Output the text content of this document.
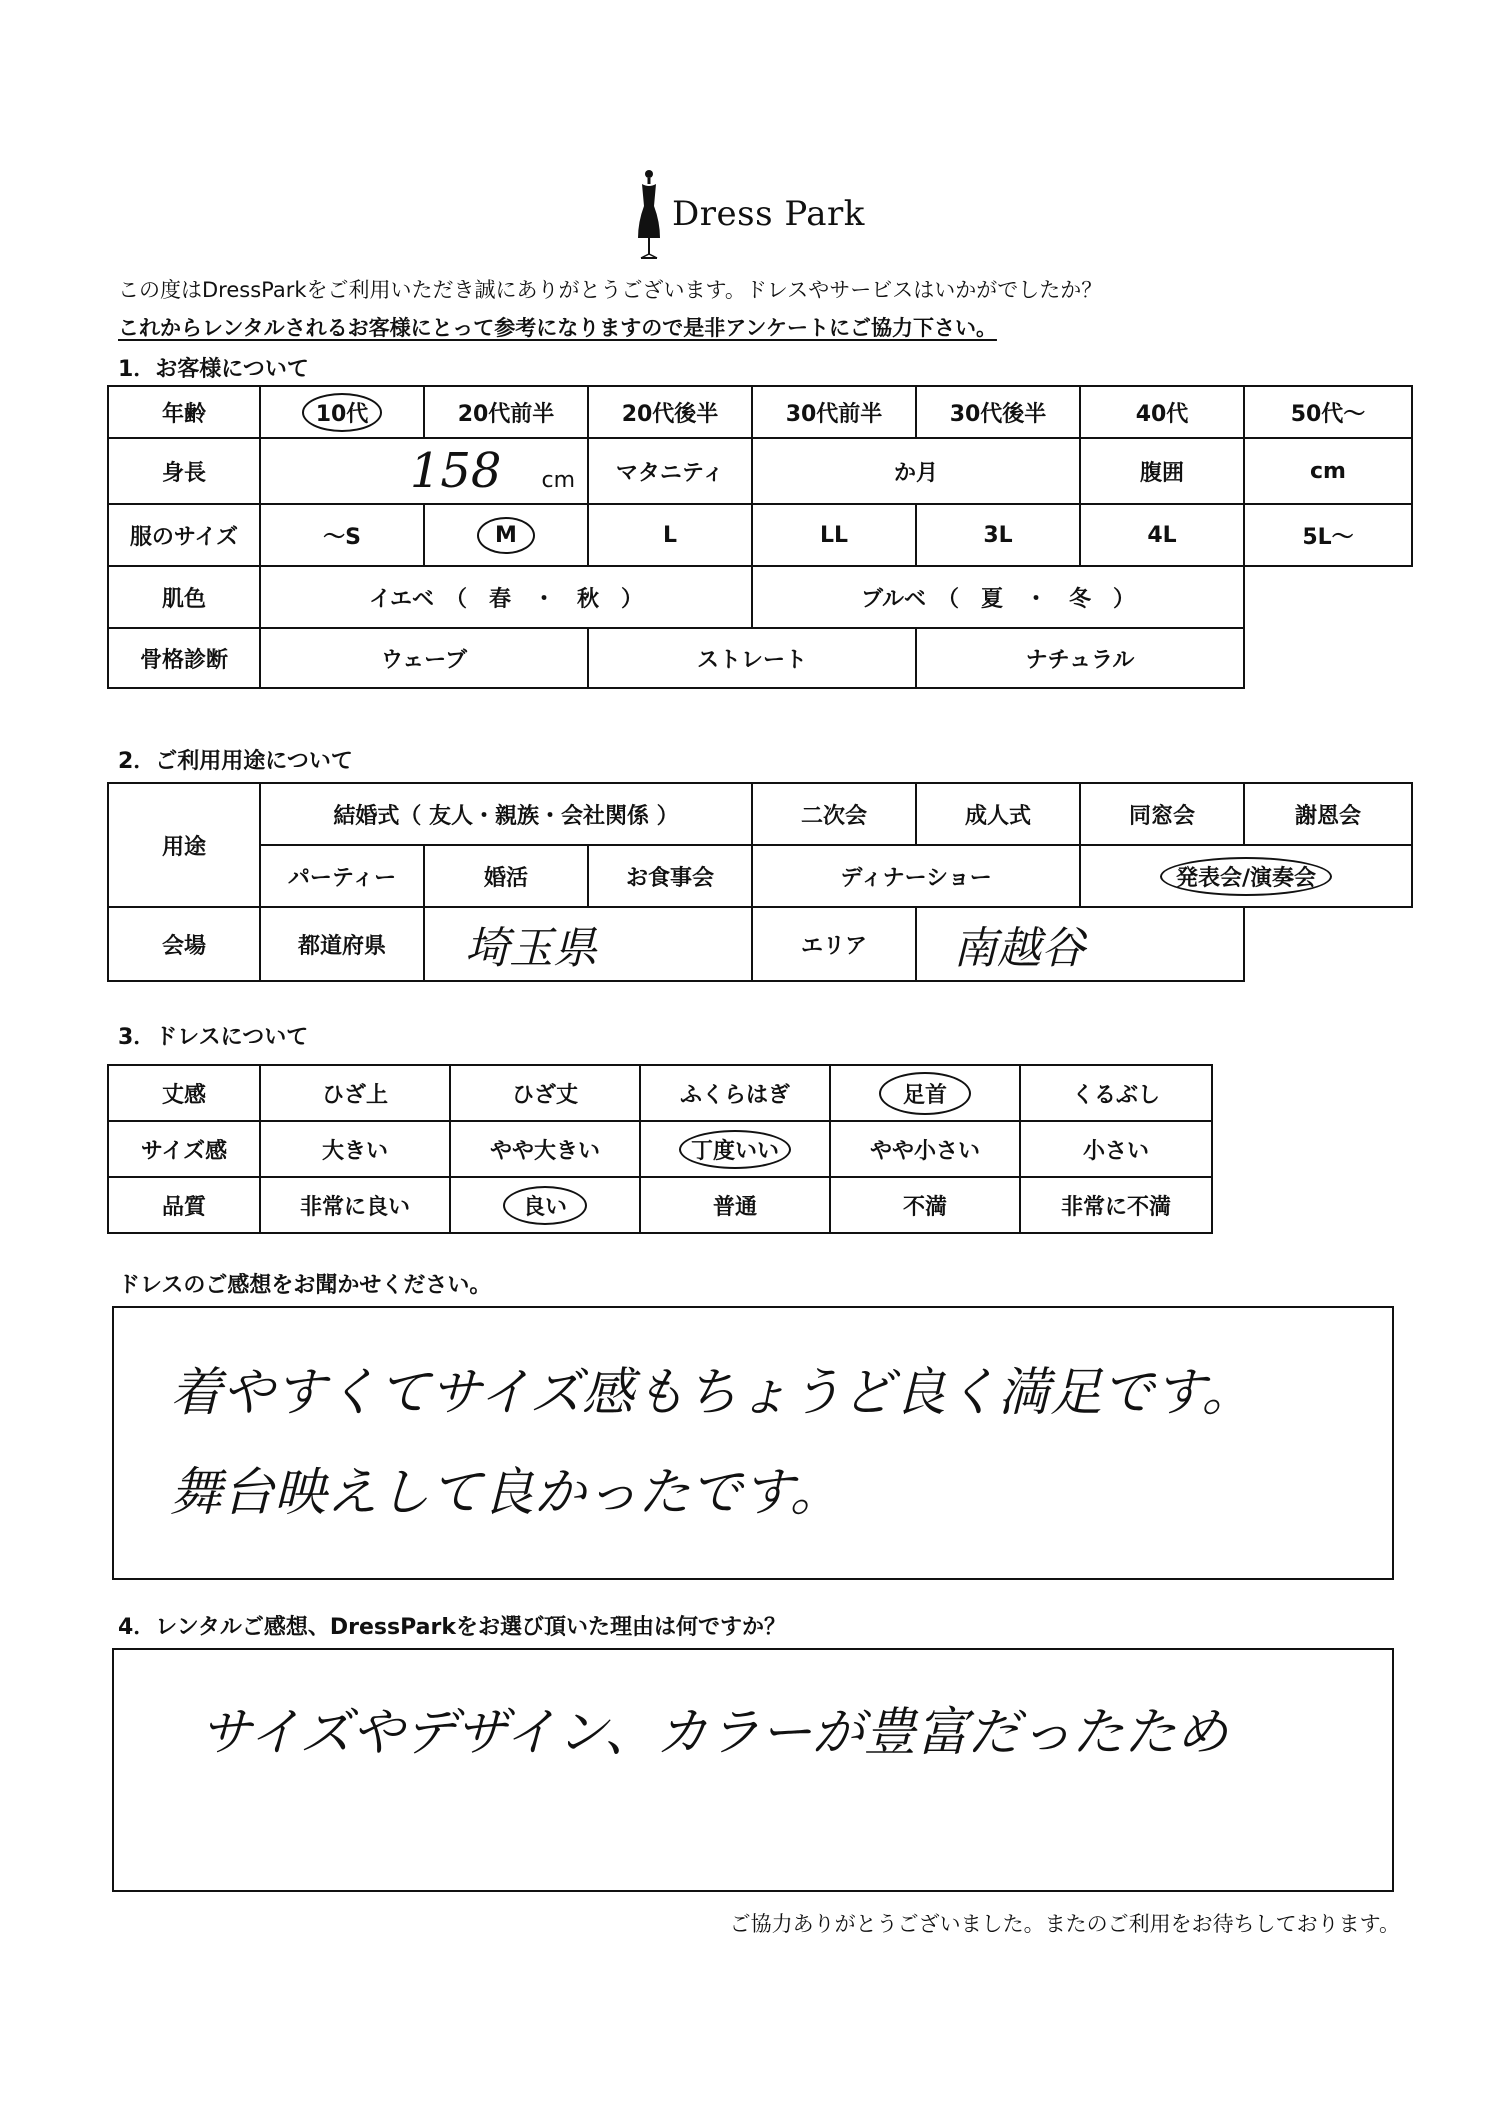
Dress Park
この度はDressParkをご利用いただき誠にありがとうございます。ドレスやサービスはいかがでしたか？
これからレンタルされるお客様にとって参考になりますので是非アンケートにご協力下さい。
1．お客様について
年齢	10代	20代前半	20代後半	30代前半	30代後半	40代	50代～
身長	158 cm		マタニティ	か月		腹囲	cm
服のサイズ	～S	M	L	LL	3L	4L	5L～
肌色	イエベ　（　春　・　秋　）			ブルベ　（　夏　・　冬　）			
骨格診断	ウェーブ		ストレート		ナチュラル		
2．ご利用用途について
用途	結婚式（ 友人・親族・会社関係 ）			二次会	成人式	同窓会	謝恩会
	パーティー	婚活	お食事会	ディナーショー		発表会/演奏会	
会場	都道府県	埼玉県		エリア	南越谷		
3．ドレスについて
丈感	ひざ上	ひざ丈	ふくらはぎ	足首	くるぶし
サイズ感	大きい	やや大きい	丁度いい	やや小さい	小さい
品質	非常に良い	良い	普通	不満	非常に不満
ドレスのご感想をお聞かせください。
着やすくてサイズ感もちょうど良く満足です。
舞台映えして良かったです。
4．レンタルご感想、DressParkをお選び頂いた理由は何ですか？
サイズやデザイン、カラーが豊富だったため
ご協力ありがとうございました。またのご利用をお待ちしております。
